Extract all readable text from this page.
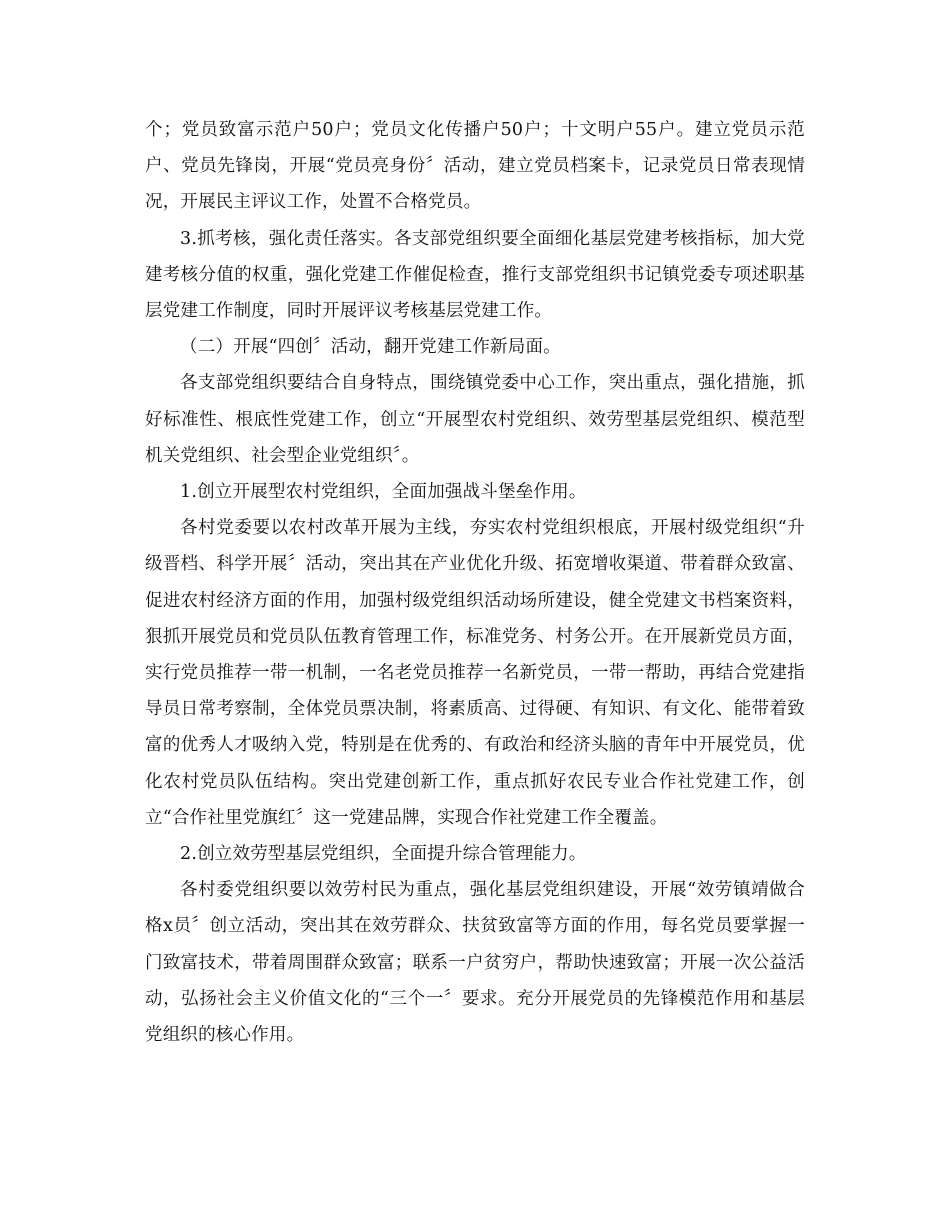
个；党员致富示范户50户；党员文化传播户50户；十文明户55户。建立党员示范户、党员先锋岗，开展“党员亮身份〞活动，建立党员档案卡，记录党员日常表现情况，开展民主评议工作，处置不合格党员。

3.抓考核，强化责任落实。各支部党组织要全面细化基层党建考核指标，加大党建考核分值的权重，强化党建工作催促检查，推行支部党组织书记镇党委专项述职基层党建工作制度，同时开展评议考核基层党建工作。

（二）开展“四创〞活动，翻开党建工作新局面。

各支部党组织要结合自身特点，围绕镇党委中心工作，突出重点，强化措施，抓好标准性、根底性党建工作，创立“开展型农村党组织、效劳型基层党组织、模范型机关党组织、社会型企业党组织〞。

1.创立开展型农村党组织，全面加强战斗堡垒作用。

各村党委要以农村改革开展为主线，夯实农村党组织根底，开展村级党组织“升级晋档、科学开展〞活动，突出其在产业优化升级、拓宽增收渠道、带着群众致富、促进农村经济方面的作用，加强村级党组织活动场所建设，健全党建文书档案资料，狠抓开展党员和党员队伍教育管理工作，标准党务、村务公开。在开展新党员方面，实行党员推荐一带一机制，一名老党员推荐一名新党员，一带一帮助，再结合党建指导员日常考察制，全体党员票决制，将素质高、过得硬、有知识、有文化、能带着致富的优秀人才吸纳入党，特别是在优秀的、有政治和经济头脑的青年中开展党员，优化农村党员队伍结构。突出党建创新工作，重点抓好农民专业合作社党建工作，创立“合作社里党旗红〞这一党建品牌，实现合作社党建工作全覆盖。

2.创立效劳型基层党组织，全面提升综合管理能力。

各村委党组织要以效劳村民为重点，强化基层党组织建设，开展“效劳镇靖做合格x员〞创立活动，突出其在效劳群众、扶贫致富等方面的作用，每名党员要掌握一门致富技术，带着周围群众致富；联系一户贫穷户，帮助快速致富；开展一次公益活动，弘扬社会主义价值文化的“三个一〞要求。充分开展党员的先锋模范作用和基层党组织的核心作用。
